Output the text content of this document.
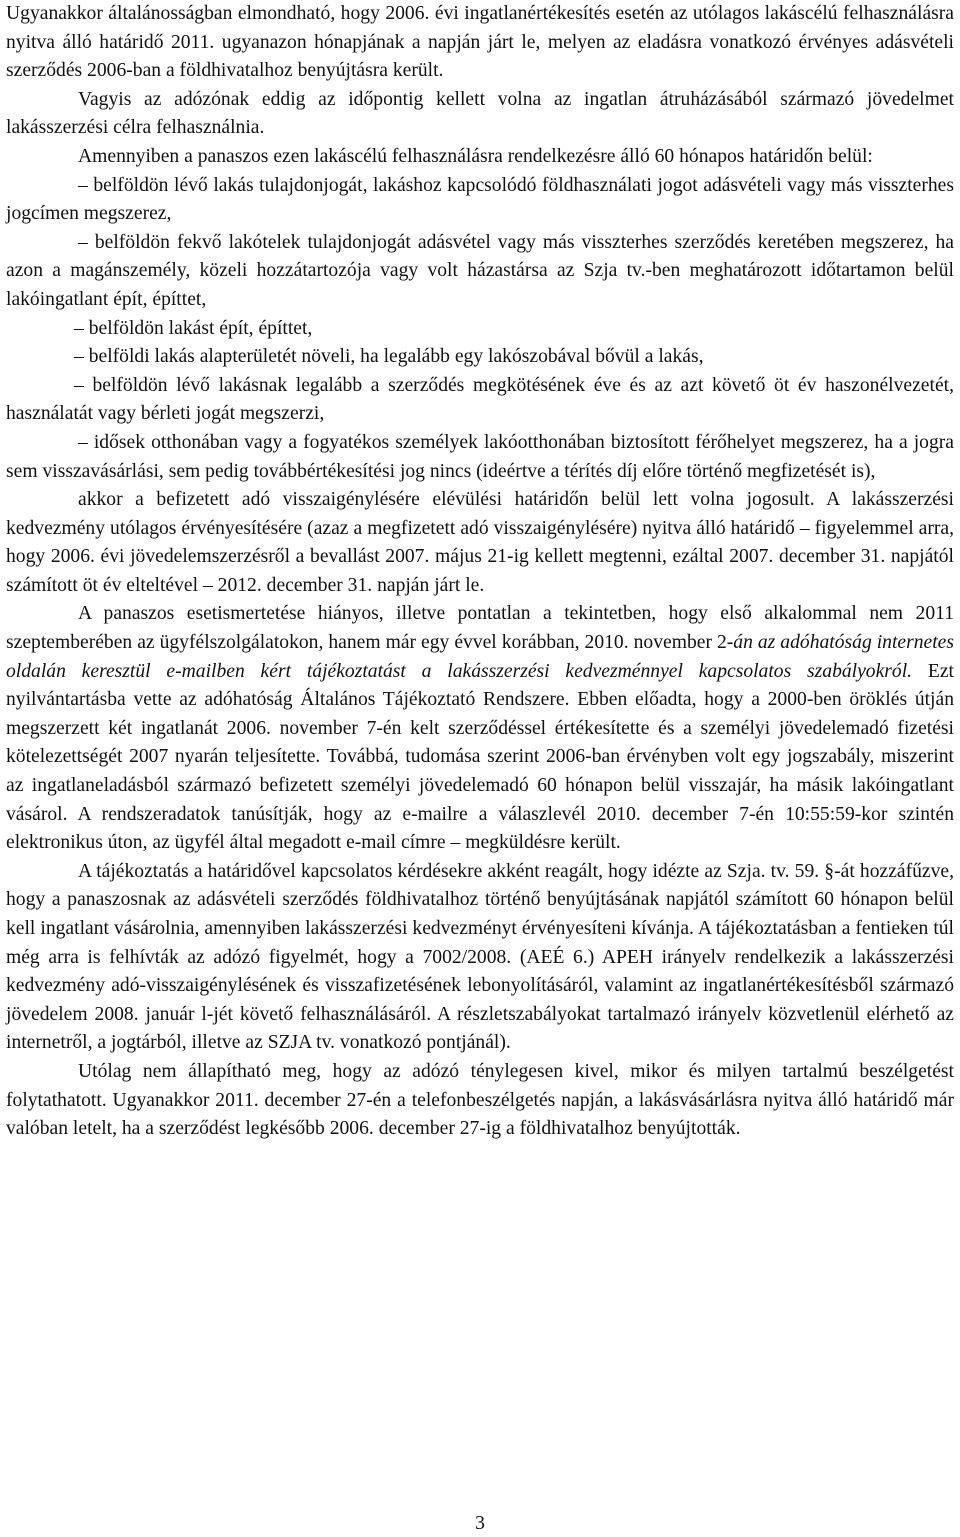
Ugyanakkor általánosságban elmondható, hogy 2006. évi ingatlanértékesítés esetén az utólagos lakáscélú felhasználásra nyitva álló határidő 2011. ugyanazon hónapjának a napján járt le, melyen az eladásra vonatkozó érvényes adásvételi szerződés 2006-ban a földhivatalhoz benyújtásra került.

Vagyis az adózónak eddig az időpontig kellett volna az ingatlan átruházásából származó jövedelmet lakásszerzési célra felhasználnia.

Amennyiben a panaszos ezen lakáscélú felhasználásra rendelkezésre álló 60 hónapos határidőn belül:

‒ belföldön lévő lakás tulajdonjogát, lakáshoz kapcsolódó földhasználati jogot adásvételi vagy más visszterhes jogcímen megszerez,

‒ belföldön fekvő lakótelek tulajdonjogát adásvétel vagy más visszterhes szerződés keretében megszerez, ha azon a magánszemély, közeli hozzátartozója vagy volt házastársa az Szja tv.-ben meghatározott időtartamon belül lakóingatlant épít, építtet,

‒ belföldön lakást épít, építtet,

‒ belföldi lakás alapterületét növeli, ha legalább egy lakószobával bővül a lakás,

‒ belföldön lévő lakásnak legalább a szerződés megkötésének éve és az azt követő öt év haszonélvezetét, használatát vagy bérleti jogát megszerzi,

‒ idősek otthonában vagy a fogyatékos személyek lakóotthonában biztosított férőhelyet megszerez, ha a jogra sem visszavásárlási, sem pedig továbbértékesítési jog nincs (ideértve a térítés díj előre történő megfizetését is),

akkor a befizetett adó visszaigénylésére elévülési határidőn belül lett volna jogosult. A lakásszerzési kedvezmény utólagos érvényesítésére (azaz a megfizetett adó visszaigénylésére) nyitva álló határidő ‒ figyelemmel arra, hogy 2006. évi jövedelemszerzésről a bevallást 2007. május 21-ig kellett megtenni, ezáltal 2007. december 31. napjától számított öt év elteltével ‒ 2012. december 31. napján járt le.

A panaszos esetismertetése hiányos, illetve pontatlan a tekintetben, hogy első alkalommal nem 2011 szeptemberében az ügyfélszolgálatokon, hanem már egy évvel korábban, 2010. november 2-án az adóhatóság internetes oldalán keresztül e-mailben kért tájékoztatást a lakásszerzési kedvezménnyel kapcsolatos szabályokról. Ezt nyilvántartásba vette az adóhatóság Általános Tájékoztató Rendszere. Ebben előadta, hogy a 2000-ben öröklés útján megszerzett két ingatlanát 2006. november 7-én kelt szerződéssel értékesítette és a személyi jövedelemadó fizetési kötelezettségét 2007 nyarán teljesítette. Továbbá, tudomása szerint 2006-ban érvényben volt egy jogszabály, miszerint az ingatlaneladásból származó befizetett személyi jövedelemadó 60 hónapon belül visszajár, ha másik lakóingatlant vásárol. A rendszeradatok tanúsítják, hogy az e-mailre a válaszlevél 2010. december 7-én 10:55:59-kor szintén elektronikus úton, az ügyfél által megadott e-mail címre ‒ megküldésre került.

A tájékoztatás a határidővel kapcsolatos kérdésekre akként reagált, hogy idézte az Szja. tv. 59. §-át hozzáfűzve, hogy a panaszosnak az adásvételi szerződés földhivatalhoz történő benyújtásának napjától számított 60 hónapon belül kell ingatlant vásárolnia, amennyiben lakásszerzési kedvezményt érvényesíteni kívánja. A tájékoztatásban a fentieken túl még arra is felhívták az adózó figyelmét, hogy a 7002/2008. (AEÉ 6.) APEH irányelv rendelkezik a lakásszerzési kedvezmény adó-visszaigénylésének és visszafizetésének lebonyolításáról, valamint az ingatlanértékesítésből származó jövedelem 2008. január l-jét követő felhasználásáról. A részletszabályokat tartalmazó irányelv közvetlenül elérhető az internetről, a jogtárból, illetve az SZJA tv. vonatkozó pontjánál).

Utólag nem állapítható meg, hogy az adózó ténylegesen kivel, mikor és milyen tartalmú beszélgetést folytathatott. Ugyanakkor 2011. december 27-én a telefonbeszélgetés napján, a lakásvásárlásra nyitva álló határidő már valóban letelt, ha a szerződést legkésőbb 2006. december 27-ig a földhivatalhoz benyújtották.

3
